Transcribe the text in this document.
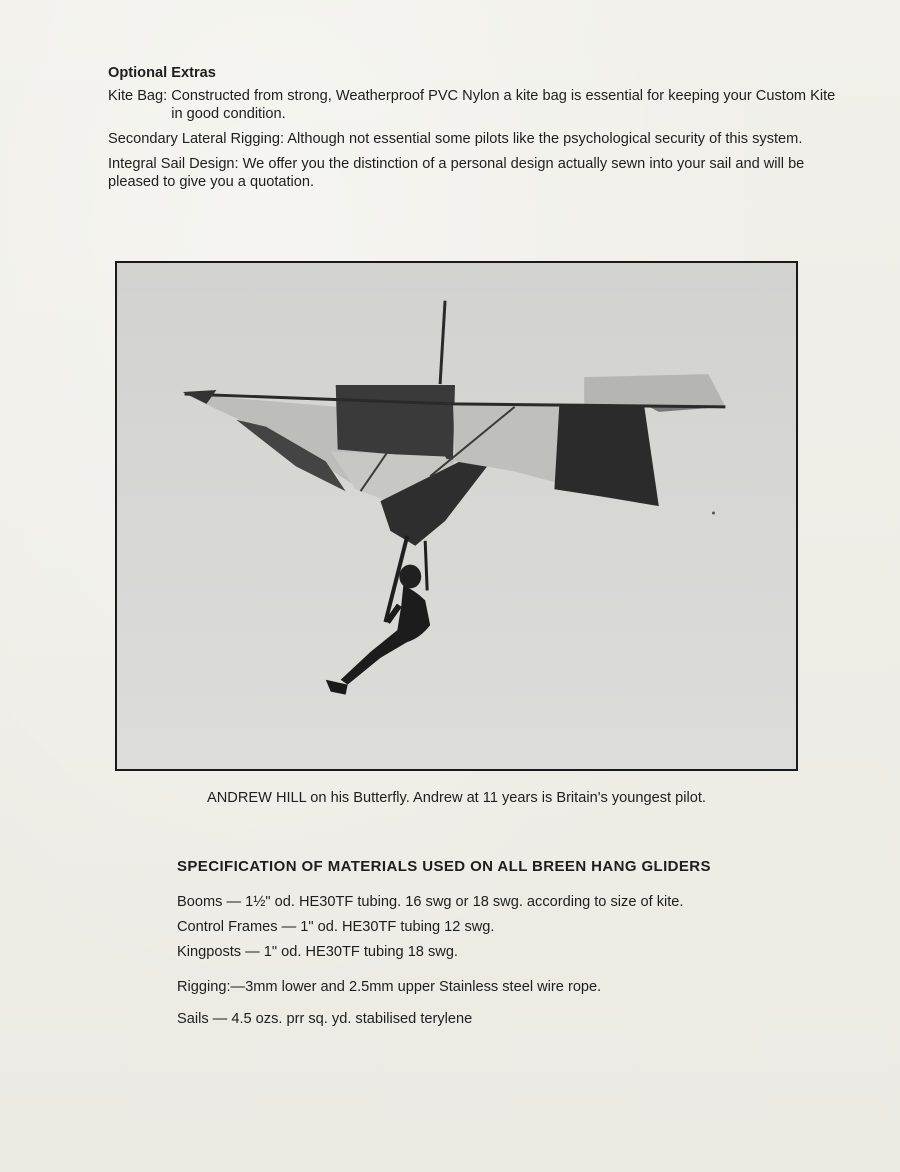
Optional Extras

Kite Bag: Constructed from strong, Weatherproof PVC Nylon a kite bag is essential for keeping your Custom Kite in good condition.

Secondary Lateral Rigging: Although not essential some pilots like the psychological security of this system.

Integral Sail Design: We offer you the distinction of a personal design actually sewn into your sail and will be pleased to give you a quotation.

ANDREW HILL on his Butterfly. Andrew at 11 years is Britain's youngest pilot.
SPECIFICATION OF MATERIALS USED ON ALL BREEN HANG GLIDERS

Booms — 1½" od. HE30TF tubing. 16 swg or 18 swg. according to size of kite.

Control Frames — 1" od. HE30TF tubing 12 swg.

Kingposts — 1" od. HE30TF tubing 18 swg.

Rigging:—3mm lower and 2.5mm upper Stainless steel wire rope.

Sails — 4.5 ozs. prr sq. yd. stabilised terylene
